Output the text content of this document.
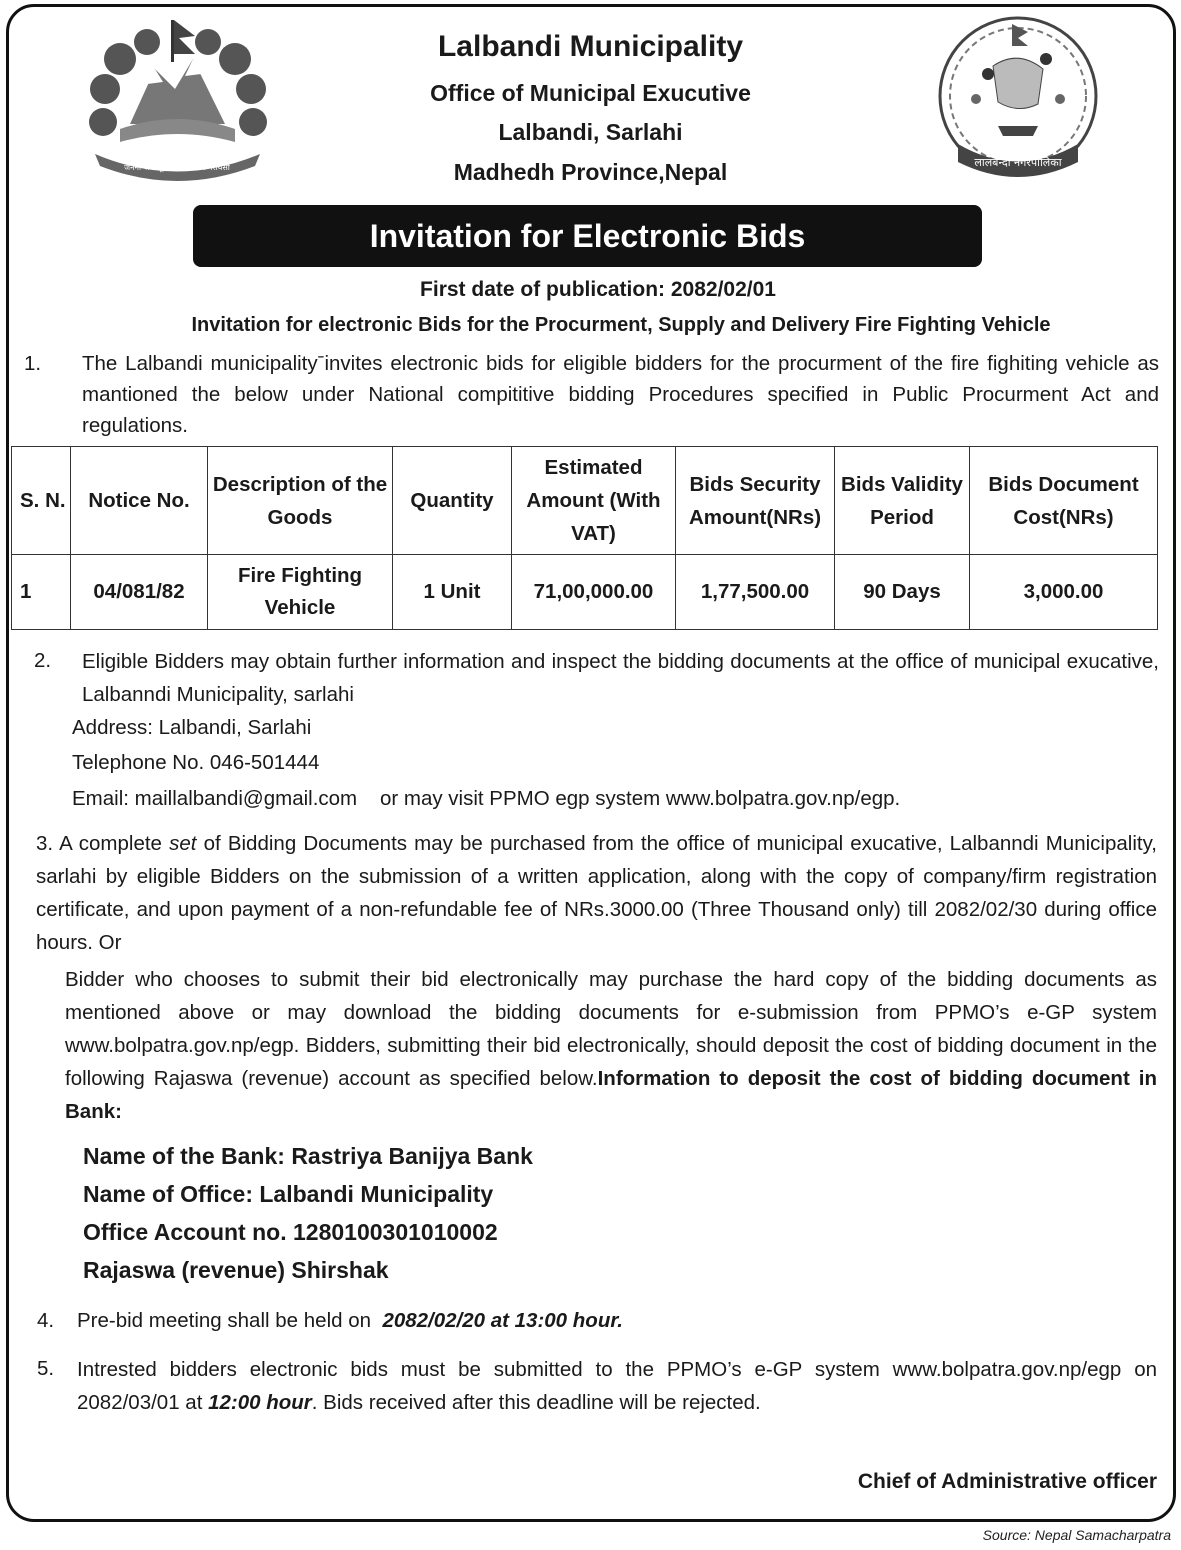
जननी जन्मभूमिश्च स्वर्गादपि गरीयसी	लालबन्दी नगरपालिका
Lalbandi Municipality
Office of Municipal Exucutive
Lalbandi, Sarlahi
Madhedh Province,Nepal
Invitation for Electronic Bids
First date of publication: 2082/02/01
Invitation for electronic Bids for the Procurment, Supply and Delivery Fire Fighting Vehicle
1. The Lalbandi municipalityˉinvites electronic bids for eligible bidders for the procurment of the fire fighiting vehicle as mantioned the below under National compititive bidding Procedures specified in Public Procurment Act and regulations.
S. N.	Notice No.	Description of the Goods	Quantity	Estimated Amount (With VAT)	Bids Security Amount(NRs)	Bids Validity Period	Bids Document Cost(NRs)
1	04/081/82	Fire Fighting Vehicle	1 Unit	71,00,000.00	1,77,500.00	90 Days	3,000.00
2. Eligible Bidders may obtain further information and inspect the bidding documents at the office of municipal exucative, Lalbanndi Municipality, sarlahi
Address: Lalbandi, Sarlahi
Telephone No. 046-501444
Email: maillalbandi@gmail.com or may visit PPMO egp system www.bolpatra.gov.np/egp.
3. A complete set of Bidding Documents may be purchased from the office of municipal exucative, Lalbanndi Municipality, sarlahi by eligible Bidders on the submission of a written application, along with the copy of company/firm registration certificate, and upon payment of a non-refundable fee of NRs.3000.00 (Three Thousand only) till 2082/02/30 during office hours. Or
Bidder who chooses to submit their bid electronically may purchase the hard copy of the bidding documents as mentioned above or may download the bidding documents for e-submission from PPMO’s e-GP system www.bolpatra.gov.np/egp. Bidders, submitting their bid electronically, should deposit the cost of bidding document in the following Rajaswa (revenue) account as specified below.Information to deposit the cost of bidding document in Bank:
Name of the Bank: Rastriya Banijya Bank
Name of Office: Lalbandi Municipality
Office Account no. 1280100301010002
Rajaswa (revenue) Shirshak
4. Pre-bid meeting shall be held on 2082/02/20 at 13:00 hour.
5. Intrested bidders electronic bids must be submitted to the PPMO’s e-GP system www.bolpatra.gov.np/egp on 2082/03/01 at 12:00 hour. Bids received after this deadline will be rejected.
Chief of Administrative officer
Source: Nepal Samacharpatra
